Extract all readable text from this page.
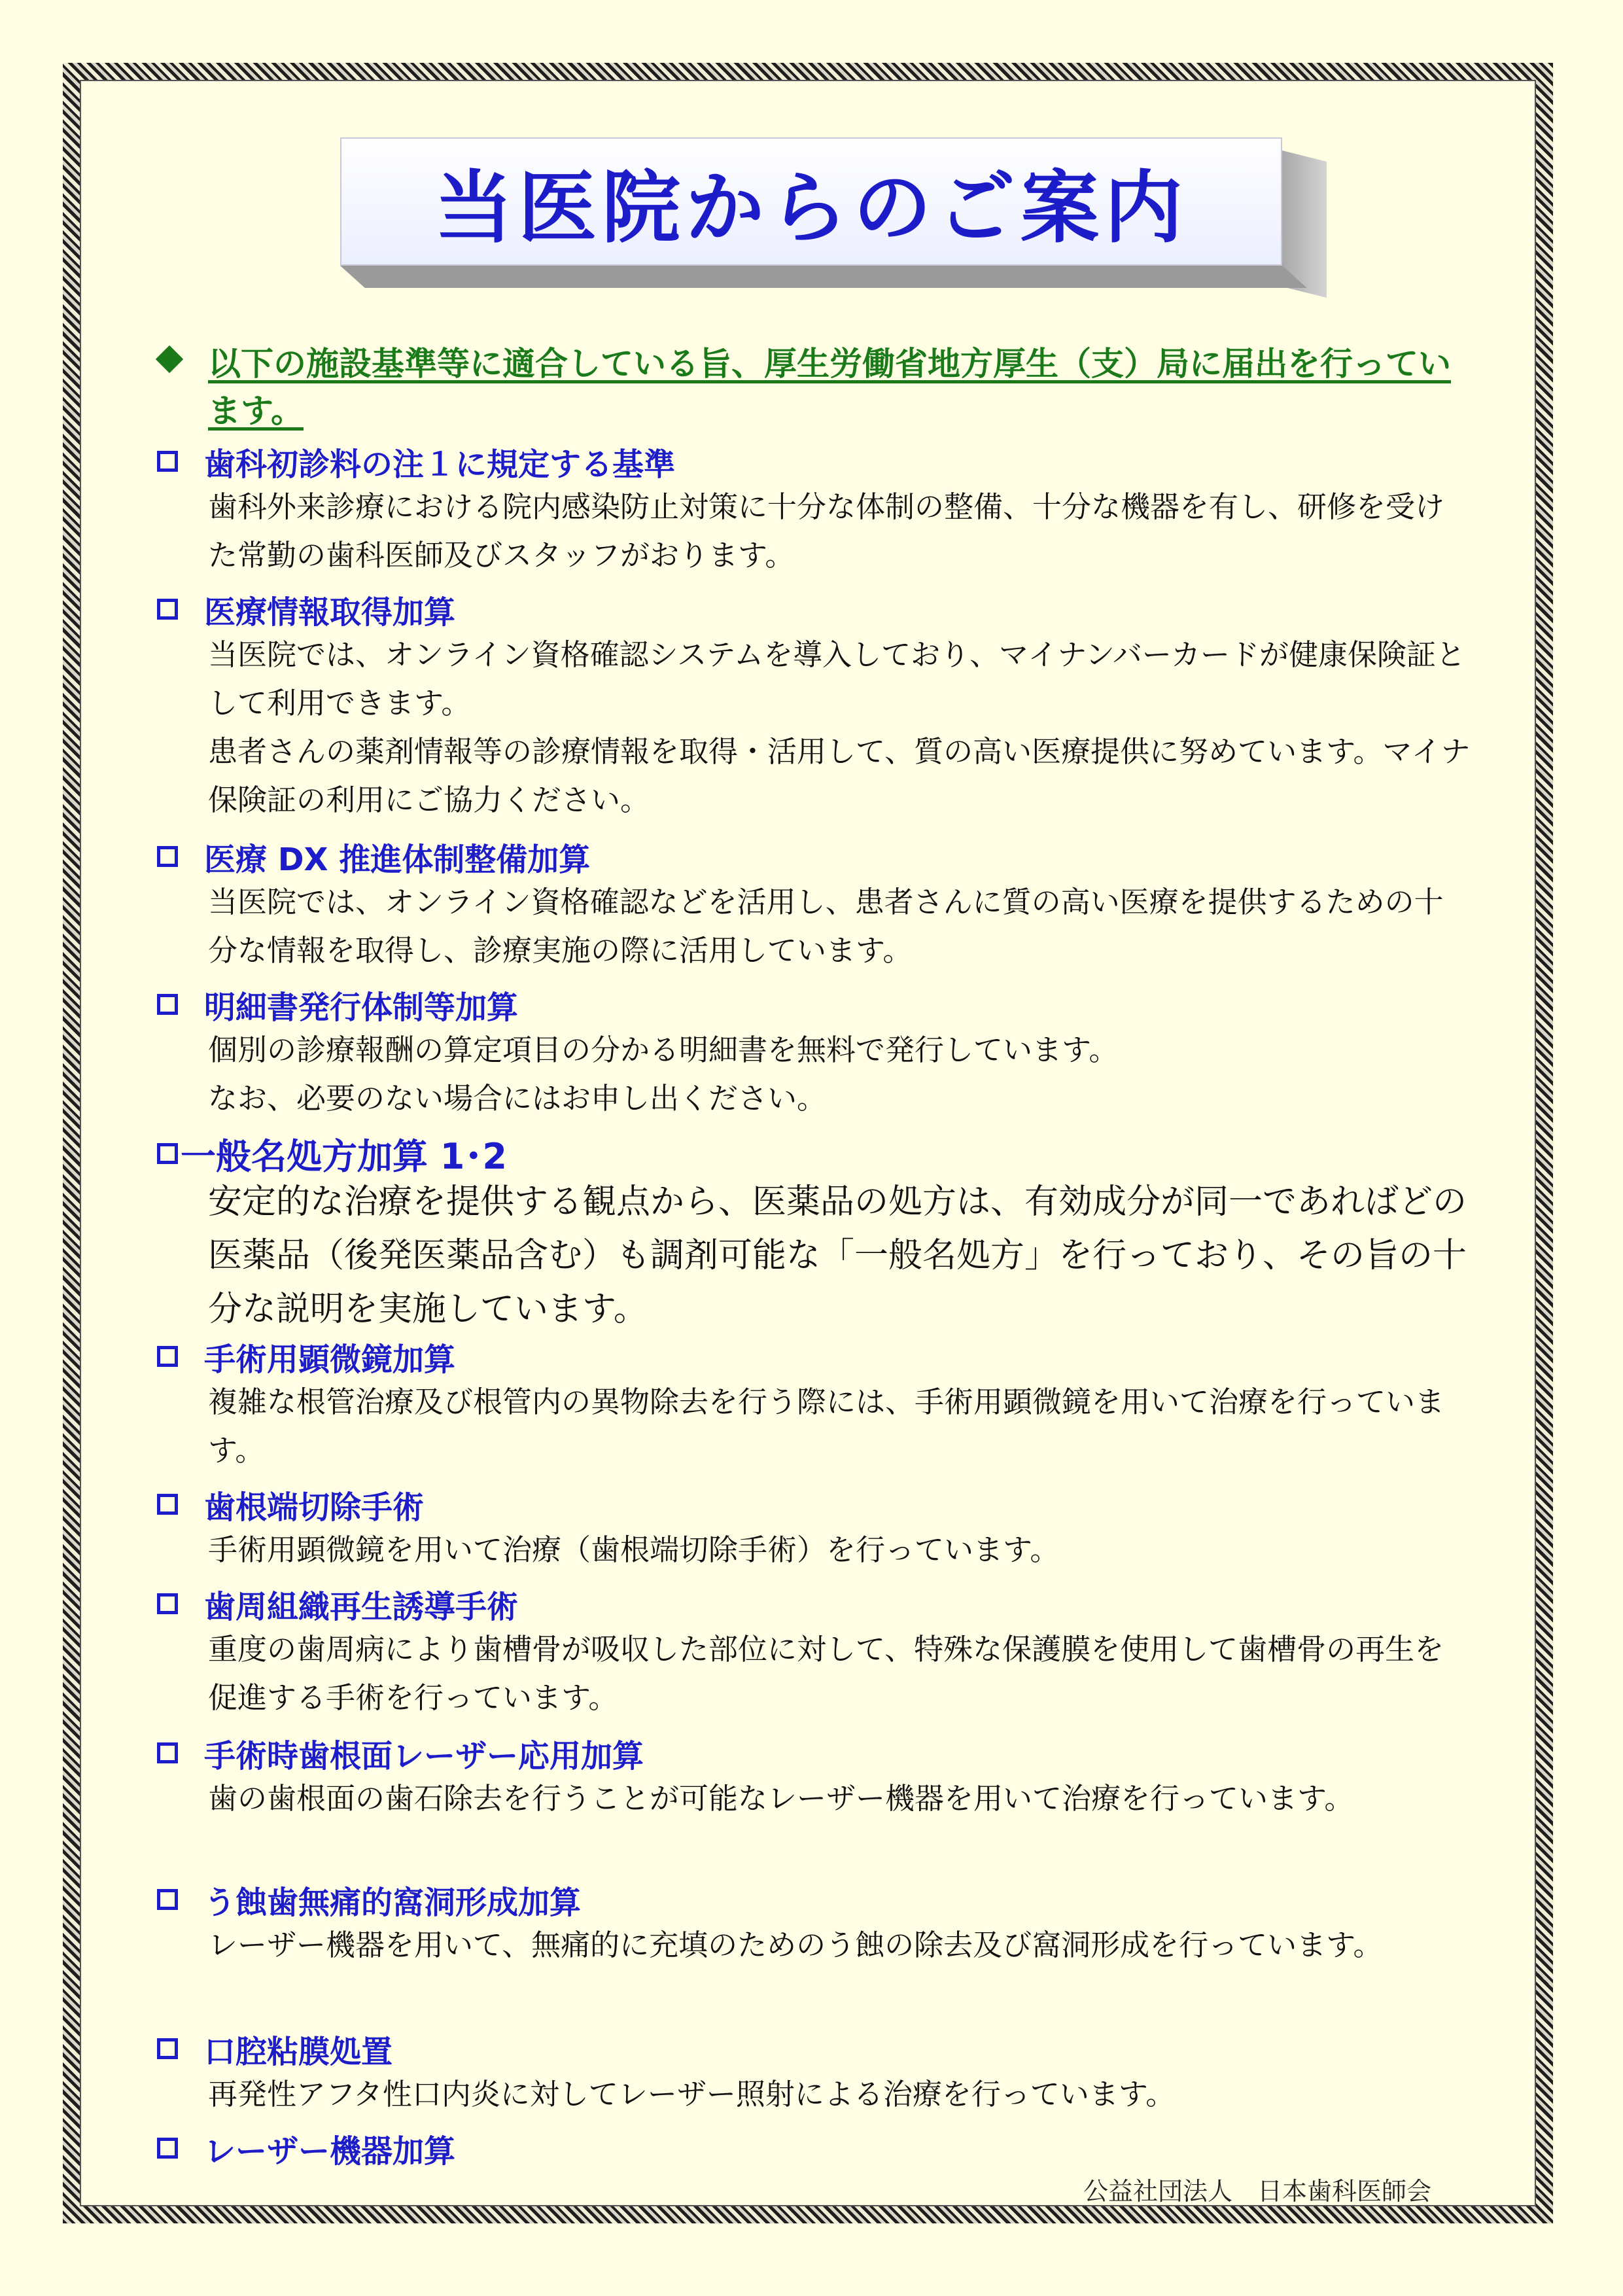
当医院からのご案内
以下の施設基準等に適合している旨、厚生労働省地方厚生（支）局に届出を行っています。
歯科初診料の注１に規定する基準

歯科外来診療における院内感染防止対策に十分な体制の整備、十分な機器を有し、研修を受けた常勤の歯科医師及びスタッフがおります。

医療情報取得加算

当医院では、オンライン資格確認システムを導入しており、マイナンバーカードが健康保険証として利用できます。

患者さんの薬剤情報等の診療情報を取得・活用して、質の高い医療提供に努めています。マイナ保険証の利用にご協力ください。

医療 DX 推進体制整備加算

当医院では、オンライン資格確認などを活用し、患者さんに質の高い医療を提供するための十分な情報を取得し、診療実施の際に活用しています。

明細書発行体制等加算

個別の診療報酬の算定項目の分かる明細書を無料で発行しています。

なお、必要のない場合にはお申し出ください。

一般名処方加算 1･2

安定的な治療を提供する観点から、医薬品の処方は、有効成分が同一であればどの医薬品（後発医薬品含む）も調剤可能な「一般名処方」を行っており、その旨の十分な説明を実施しています。

手術用顕微鏡加算

複雑な根管治療及び根管内の異物除去を行う際には、手術用顕微鏡を用いて治療を行っています。

歯根端切除手術

手術用顕微鏡を用いて治療（歯根端切除手術）を行っています。

歯周組織再生誘導手術

重度の歯周病により歯槽骨が吸収した部位に対して、特殊な保護膜を使用して歯槽骨の再生を促進する手術を行っています。

手術時歯根面レーザー応用加算

歯の歯根面の歯石除去を行うことが可能なレーザー機器を用いて治療を行っています。

う蝕歯無痛的窩洞形成加算

レーザー機器を用いて、無痛的に充填のためのう蝕の除去及び窩洞形成を行っています。

口腔粘膜処置

再発性アフタ性口内炎に対してレーザー照射による治療を行っています。

レーザー機器加算
公益社団法人　日本歯科医師会
